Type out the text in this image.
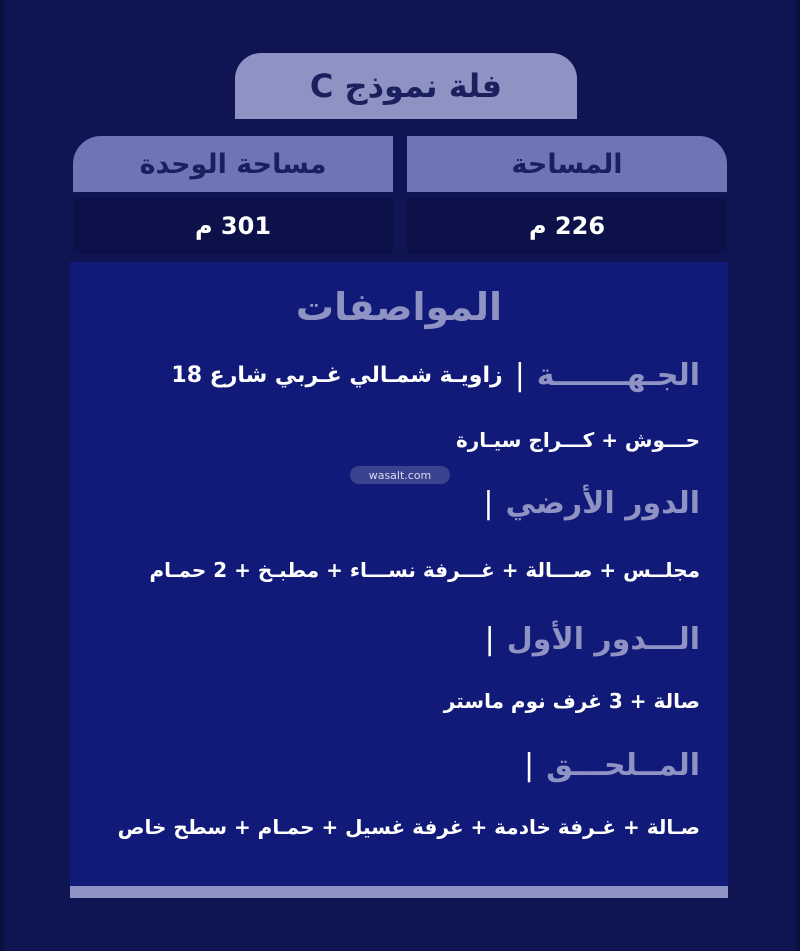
فلة نموذج C
المساحة
مساحة الوحدة
226 م
301 م
المواصفات
الجـهـــــــة
|
زاويـة شمـالي غـربي شارع 18
حـــوش + كـــراج سيـارة
wasalt.com
الدور الأرضي
|
مجلــس + صـــالة + غـــرفة نســـاء + مطبـخ + 2 حمـام
الـــدور الأول
|
صالة + 3 غرف نوم ماستر
المــلحـــق
|
صـالة + غـرفة خادمة + غرفة غسيل + حمـام + سطح خاص
